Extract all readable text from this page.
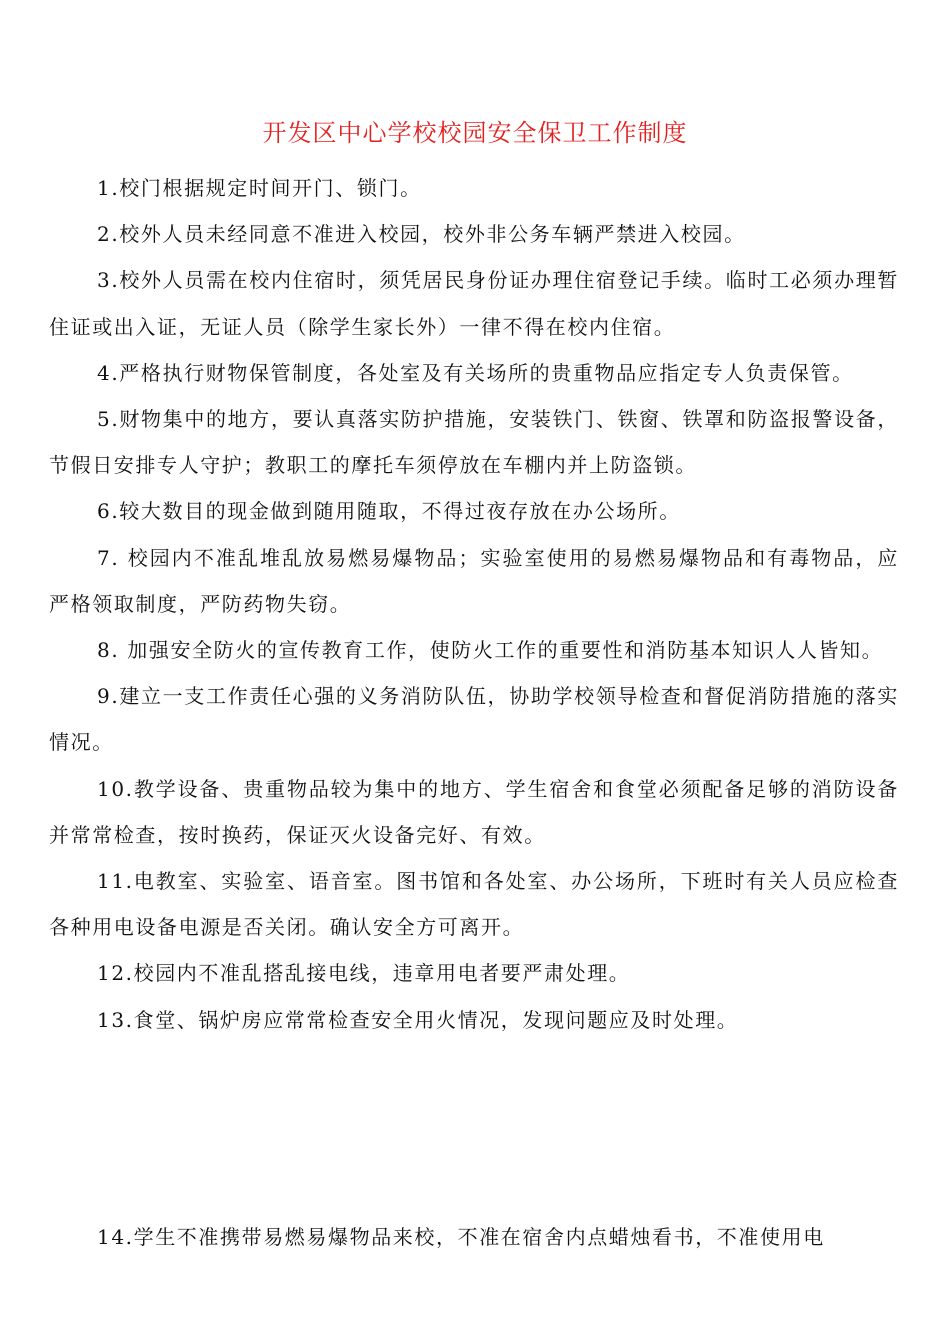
开发区中心学校校园安全保卫工作制度

1.校门根据规定时间开门、锁门。

2.校外人员未经同意不准进入校园，校外非公务车辆严禁进入校园。

3.校外人员需在校内住宿时，须凭居民身份证办理住宿登记手续。临时工必须办理暂住证或出入证，无证人员（除学生家长外）一律不得在校内住宿。

4.严格执行财物保管制度，各处室及有关场所的贵重物品应指定专人负责保管。

5.财物集中的地方，要认真落实防护措施，安装铁门、铁窗、铁罩和防盗报警设备，节假日安排专人守护；教职工的摩托车须停放在车棚内并上防盗锁。

6.较大数目的现金做到随用随取，不得过夜存放在办公场所。

7. 校园内不准乱堆乱放易燃易爆物品；实验室使用的易燃易爆物品和有毒物品，应严格领取制度，严防药物失窃。

8. 加强安全防火的宣传教育工作，使防火工作的重要性和消防基本知识人人皆知。

9.建立一支工作责任心强的义务消防队伍，协助学校领导检查和督促消防措施的落实情况。

10.教学设备、贵重物品较为集中的地方、学生宿舍和食堂必须配备足够的消防设备并常常检查，按时换药，保证灭火设备完好、有效。

11.电教室、实验室、语音室。图书馆和各处室、办公场所，下班时有关人员应检查各种用电设备电源是否关闭。确认安全方可离开。

12.校园内不准乱搭乱接电线，违章用电者要严肃处理。

13.食堂、锅炉房应常常检查安全用火情况，发现问题应及时处理。

14.学生不准携带易燃易爆物品来校，不准在宿舍内点蜡烛看书，不准使用电
